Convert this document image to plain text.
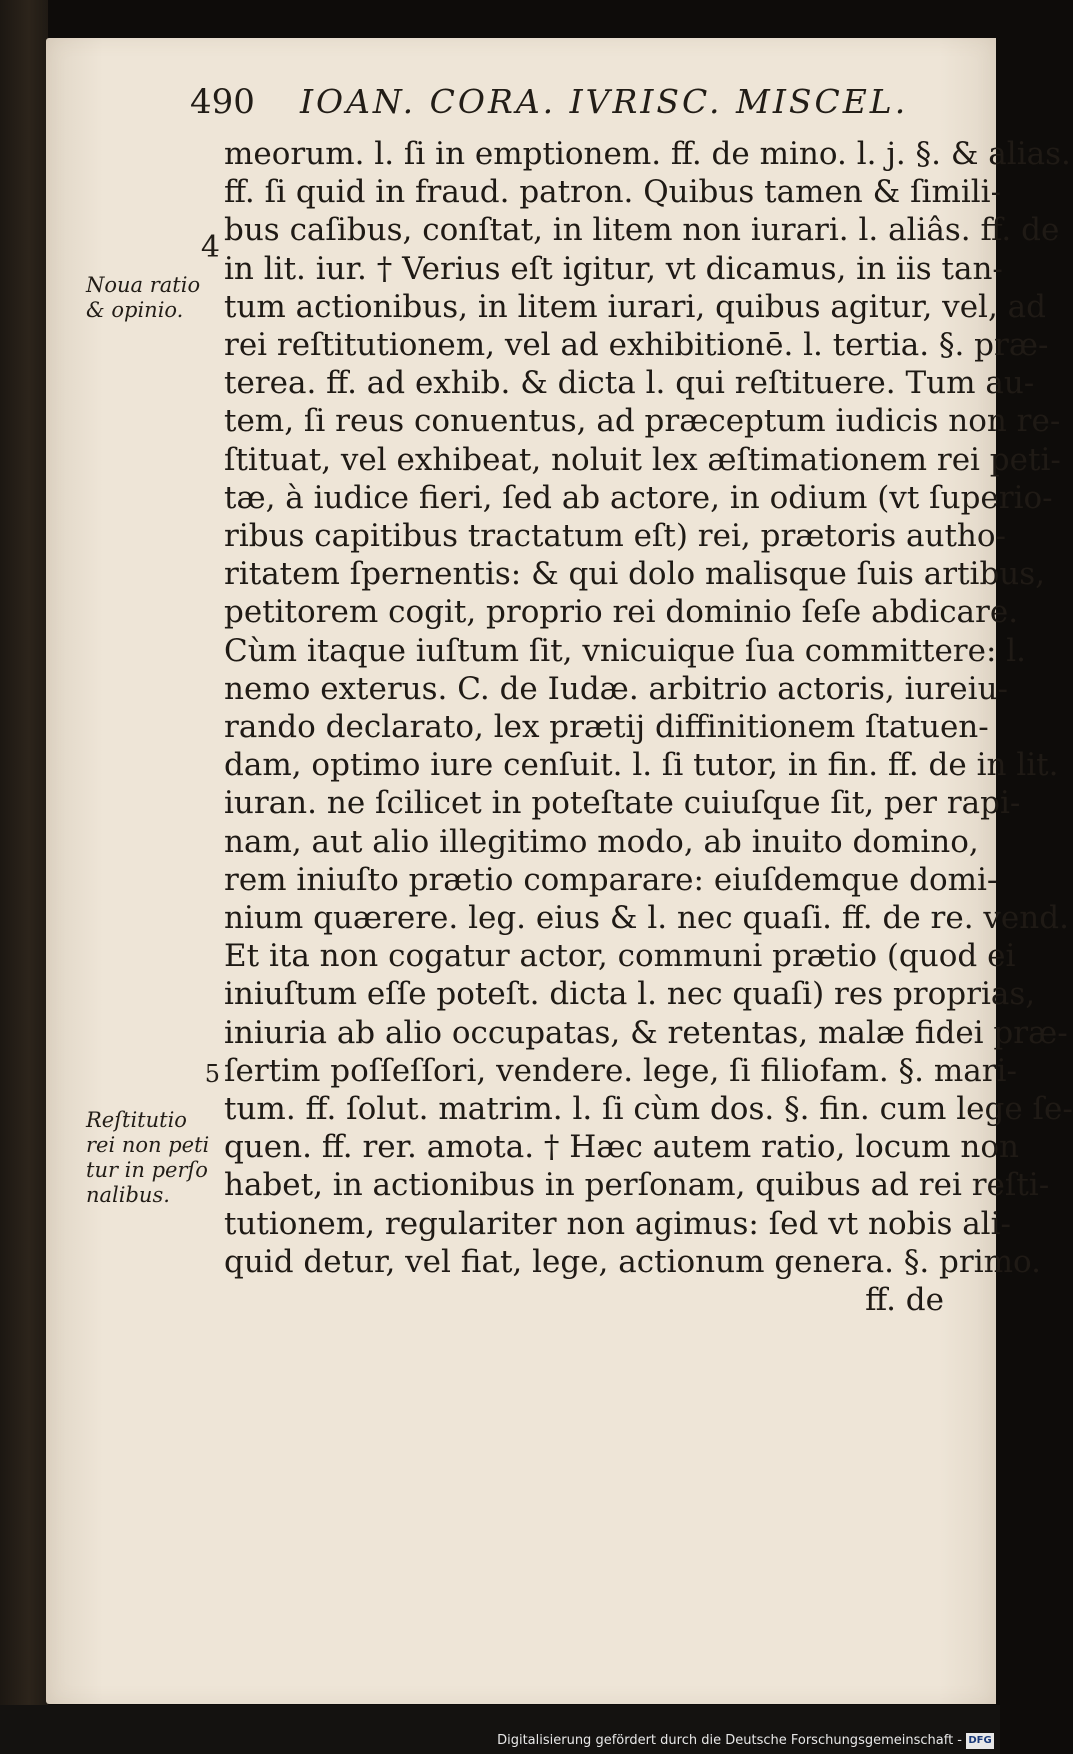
490 IOAN. CORA. IVRISC. MISCEL.
meorum. l. ſi in emptionem. ff. de mino. l. j. §. & alias.
ff. ſi quid in fraud. patron. Quibus tamen & ſimili-
bus caſibus, conſtat, in litem non iurari. l. aliâs. ff. de
in lit. iur. † Verius eſt igitur, vt dicamus, in iis tan-
tum actionibus, in litem iurari, quibus agitur, vel, ad
rei reſtitutionem, vel ad exhibitionē. l. tertia. §. præ-
terea. ff. ad exhib. & dicta l. qui reſtituere. Tum au-
tem, ſi reus conuentus, ad præceptum iudicis non re-
ſtituat, vel exhibeat, noluit lex æſtimationem rei peti-
tæ, à iudice fieri, ſed ab actore, in odium (vt ſuperio-
ribus capitibus tractatum eſt) rei, prætoris autho-
ritatem ſpernentis: & qui dolo malisque ſuis artibus,
petitorem cogit, proprio rei dominio ſeſe abdicare.
Cùm itaque iuſtum ſit, vnicuique ſua committere: l.
nemo exterus. C. de Iudæ. arbitrio actoris, iureiu-
rando declarato, lex prætij diffinitionem ſtatuen-
dam, optimo iure cenſuit. l. ſi tutor, in fin. ff. de in lit.
iuran. ne ſcilicet in poteſtate cuiuſque ſit, per rapi-
nam, aut alio illegitimo modo, ab inuito domino,
rem iniuſto prætio comparare: eiuſdemque domi-
nium quærere. leg. eius & l. nec quaſi. ff. de re. vend.
Et ita non cogatur actor, communi prætio (quod ei
iniuſtum eſſe poteſt. dicta l. nec quaſi) res proprias,
iniuria ab alio occupatas, & retentas, malæ fidei præ-
ſertim poſſeſſori, vendere. lege, ſi filiofam. §. mari-
tum. ff. ſolut. matrim. l. ſi cùm dos. §. fin. cum lege ſe-
quen. ff. rer. amota. † Hæc autem ratio, locum non
habet, in actionibus in perſonam, quibus ad rei reſti-
tutionem, regulariter non agimus: ſed vt nobis ali-
quid detur, vel fiat, lege, actionum genera. §. primo.
ff. de
4
Noua ratio
& opinio.
5
Reſtitutio
rei non peti
tur in perſo
nalibus.
Digitalisierung gefördert durch die Deutsche Forschungsgemeinschaft - DFG
